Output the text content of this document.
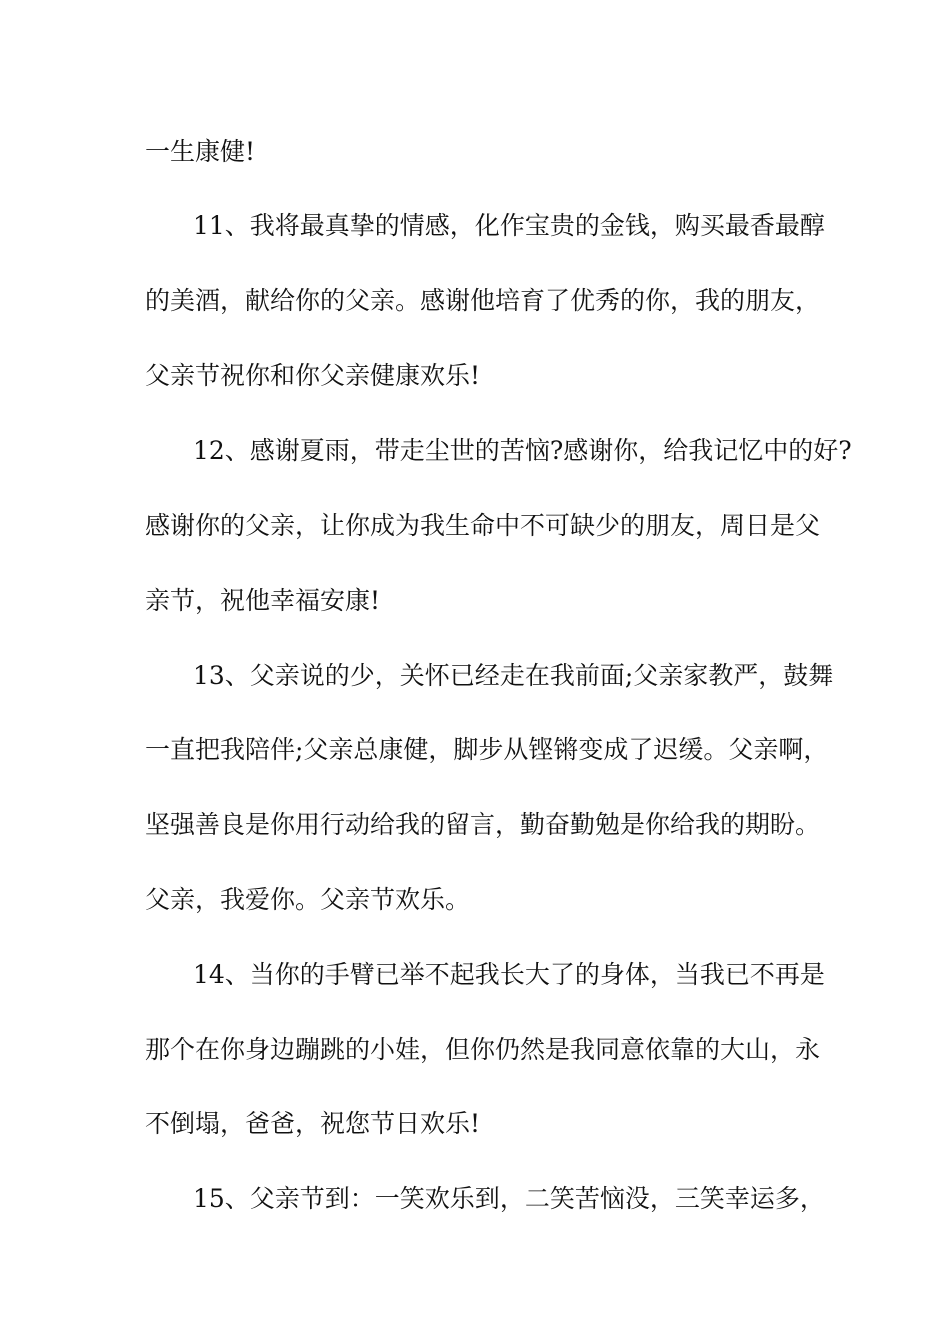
一生康健!
11、我将最真挚的情感，化作宝贵的金钱，购买最香最醇
的美酒，献给你的父亲。感谢他培育了优秀的你，我的朋友，
父亲节祝你和你父亲健康欢乐!
12、感谢夏雨，带走尘世的苦恼?感谢你，给我记忆中的好?
感谢你的父亲，让你成为我生命中不可缺少的朋友，周日是父
亲节，祝他幸福安康!
13、父亲说的少，关怀已经走在我前面;父亲家教严，鼓舞
一直把我陪伴;父亲总康健，脚步从铿锵变成了迟缓。父亲啊，
坚强善良是你用行动给我的留言，勤奋勤勉是你给我的期盼。
父亲，我爱你。父亲节欢乐。
14、当你的手臂已举不起我长大了的身体，当我已不再是
那个在你身边蹦跳的小娃，但你仍然是我同意依靠的大山，永
不倒塌，爸爸，祝您节日欢乐!
15、父亲节到：一笑欢乐到，二笑苦恼没，三笑幸运多，
